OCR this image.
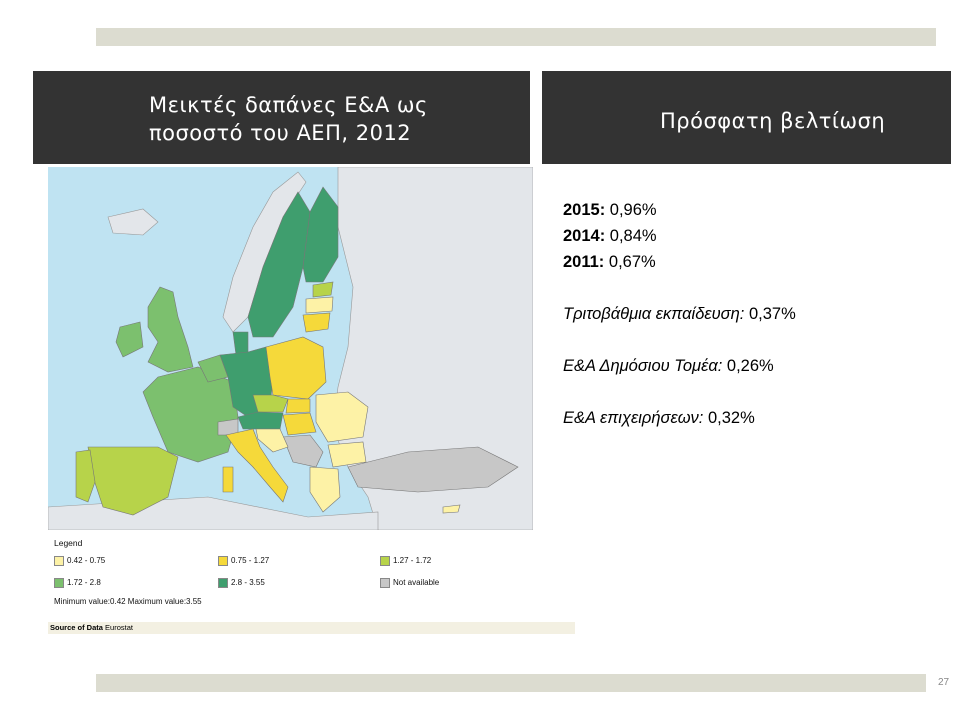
Μεικτές δαπάνες Ε&Α ως
ποσοστό του ΑΕΠ, 2012	Πρόσφατη βελτίωση
Legend
0.42 - 0.75	0.75 - 1.27	1.27 - 1.72
1.72 - 2.8	2.8 - 3.55	Not available
Minimum value:0.42 Maximum value:3.55
Source of Data Eurostat
2015: 0,96%
2014: 0,84%
2011: 0,67%
Τριτοβάθμια εκπαίδευση: 0,37%
Ε&Α Δημόσιου Τομέα: 0,26%
Ε&Α επιχειρήσεων: 0,32%
27
